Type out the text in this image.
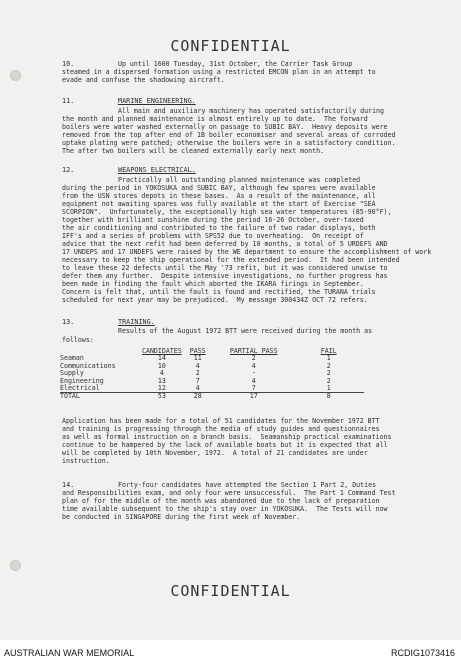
CONFIDENTIAL
10.	Up until 1600 Tuesday, 31st October, the Carrier Task Group
steamed in a dispersed formation using a restricted EMCON plan in an attempt to
evade and confuse the shadowing aircraft.
11.	MARINE ENGINEERING.
All main and auxiliary machinery has operated satisfactorily during
the month and planned maintenance is almost entirely up to date.  The forward
boilers were water washed externally on passage to SUBIC BAY.  Heavy deposits were
removed from the top after end of 1B boiler economiser and several areas of corroded
uptake plating were patched; otherwise the boilers were in a satisfactory condition.
The after two boilers will be cleaned externally early next month.
12.	WEAPONS ELECTRICAL.
Practically all outstanding planned maintenance was completed
during the period in YOKOSUKA and SUBIC BAY, although few spares were available
from the USN stores depots in these bases.  As a result of the maintenance, all
equipment not awaiting spares was fully available at the start of Exercise "SEA
SCORPION".  Unfortunately, the exceptionally high sea water temperatures (85-90°F),
together with brilliant sunshine during the period 16-26 October, over-taxed
the air conditioning and contributed to the failure of two radar displays, both
IFF's and a series of problems with SPS52 due to overheating.  On receipt of
advice that the next refit had been deferred by 10 months, a total of 5 URDEFS AND
17 UNDEPS and 17 UNDEFS were raised by the WE department to ensure the accomplishment of work
necessary to keep the ship operational for the extended period.  It had been intended
to leave these 22 defects until the May '73 refit, but it was considered unwise to
defer them any further.  Despite intensive investigations, no further progress has
been made in finding the fault which aborted the IKARA firings in September.
Concern is felt that, until the fault is found and rectified, the TURANA trials
scheduled for next year may be prejudiced.  My message 300434Z OCT 72 refers.
13.	TRAINING.
Results of the August 1972 BTT were received during the month as
follows:
	CANDIDATES	PASS	PARTIAL PASS	FAIL
Seaman	14	11	2	1
Communications	10	4	4	2
Supply	4	2	-	2
Engineering	13	7	4	2
Electrical	12	4	7	1
TOTAL	53	28	17	8
Application has been made for a total of 51 candidates for the November 1972 BTT
and training is progressing through the media of study guides and questionnaires
as well as formal instruction on a branch basis.  Seamanship practical examinations
continue to be hampered by the lack of available boats but it is expected that all
will be completed by 10th November, 1972.  A total of 21 candidates are under
instruction.
14.	Forty-four candidates have attempted the Section 1 Part 2, Duties
and Responsibilities exam, and only four were unsuccessful.  The Part 1 Command Test
plan of for the middle of the month was abandoned due to the lack of preparation
time available subsequent to the ship's stay over in YOKOSUKA.  The Tests will now
be conducted in SINGAPORE during the first week of November.
CONFIDENTIAL
AUSTRALIAN WAR MEMORIAL	RCDIG1073416
